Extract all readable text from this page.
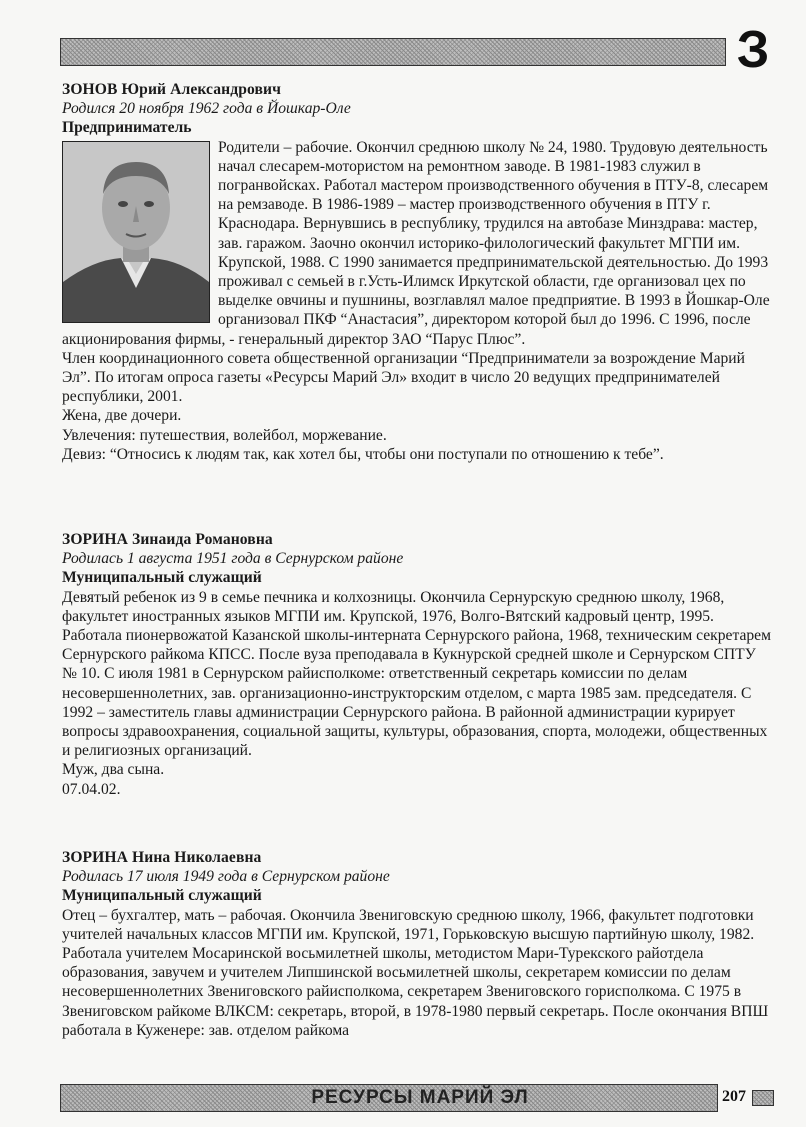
З
ЗОНОВ Юрий Александрович
Родился 20 ноября 1962 года в Йошкар-Оле
Предприниматель

Родители – рабочие. Окончил среднюю школу № 24, 1980. Трудовую деятельность начал слесарем-мотористом на ремонтном заводе. В 1981-1983 служил в погранвойсках. Работал мастером производственного обучения в ПТУ-8, слесарем на ремзаводе. В 1986-1989 – мастер производственного обучения в ПТУ г. Краснодара. Вернувшись в республику, трудился на автобазе Минздрава: мастер, зав. гаражом. Заочно окончил историко-филологический факультет МГПИ им. Крупской, 1988. С 1990 занимается предпринимательской деятельностью. До 1993 проживал с семьей в г.Усть-Илимск Иркутской области, где организовал цех по выделке овчины и пушнины, возглавлял малое предприятие. В 1993 в Йошкар-Оле организовал ПКФ “Анастасия”, директором которой был до 1996. С 1996, после акционирования фирмы, - генеральный директор ЗАО “Парус Плюс”.

Член координационного совета общественной организации “Предприниматели за возрождение Марий Эл”. По итогам опроса газеты «Ресурсы Марий Эл» входит в число 20 ведущих предпринимателей республики, 2001.

Жена, две дочери.

Увлечения: путешествия, волейбол, моржевание.

Девиз: “Относись к людям так, как хотел бы, чтобы они поступали по отношению к тебе”.

ЗОРИНА Зинаида Романовна
Родилась 1 августа 1951 года в Сернурском районе
Муниципальный служащий

Девятый ребенок из 9 в семье печника и колхозницы. Окончила Сернурскую среднюю школу, 1968, факультет иностранных языков МГПИ им. Крупской, 1976, Волго-Вятский кадровый центр, 1995. Работала пионервожатой Казанской школы-интерната Сернурского района, 1968, техническим секретарем Сернурского райкома КПСС. После вуза преподавала в Кукнурской средней школе и Сернурском СПТУ № 10. С июля 1981 в Сернурском райисполкоме: ответственный секретарь комиссии по делам несовершеннолетних, зав. организационно-инструкторским отделом, с марта 1985 зам. председателя. С 1992 – заместитель главы администрации Сернурского района. В районной администрации курирует вопросы здравоохранения, социальной защиты, культуры, образования, спорта, молодежи, общественных и религиозных организаций.

Муж, два сына.

07.04.02.

ЗОРИНА Нина Николаевна
Родилась 17 июля 1949 года в Сернурском районе
Муниципальный служащий

Отец – бухгалтер, мать – рабочая. Окончила Звениговскую среднюю школу, 1966, факультет подготовки учителей начальных классов МГПИ им. Крупской, 1971, Горьковскую высшую партийную школу, 1982. Работала учителем Мосаринской восьмилетней школы, методистом Мари-Турекского райотдела образования, завучем и учителем Липшинской восьмилетней школы, секретарем комиссии по делам несовершеннолетних Звениговского райисполкома, секретарем Звениговского горисполкома. С 1975 в Звениговском райкоме ВЛКСМ: секретарь, второй, в 1978-1980 первый секретарь. После окончания ВПШ работала в Куженере: зав. отделом райкома

РЕСУРСЫ МАРИЙ ЭЛ	207
